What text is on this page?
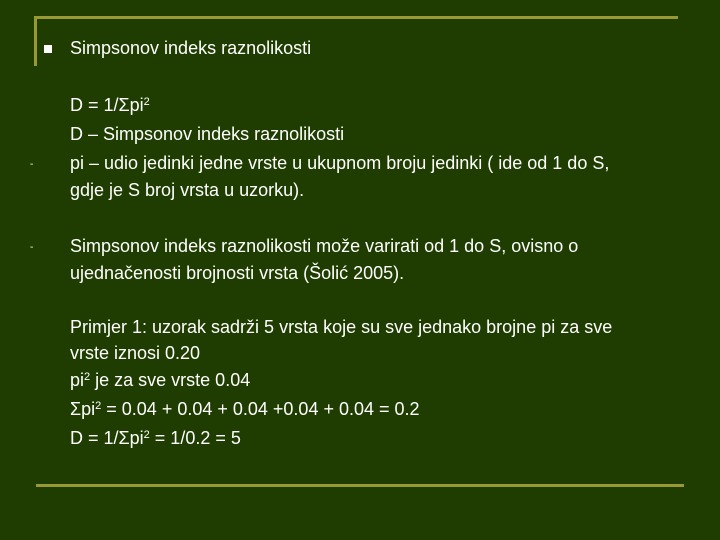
Simpsonov indeks raznolikosti
D = 1/Σpi$^2$
D – Simpsonov indeks raznolikosti
- pi – udio jedinki jedne vrste u ukupnom broju jedinki ( ide od 1 do S,
gdje je S broj vrsta u uzorku).
- Simpsonov indeks raznolikosti može varirati od 1 do S, ovisno o
ujednačenosti brojnosti vrsta (Šolić 2005).
Primjer 1: uzorak sadrži 5 vrsta koje su sve jednako brojne pi za sve
vrste iznosi 0.20
$pi^2$ je za sve vrste 0.04
Σpi$^2$ = 0.04 + 0.04 + 0.04 +0.04 + 0.04 = 0.2
D = 1/Σpi$^2$ = 1/0.2 = 5
